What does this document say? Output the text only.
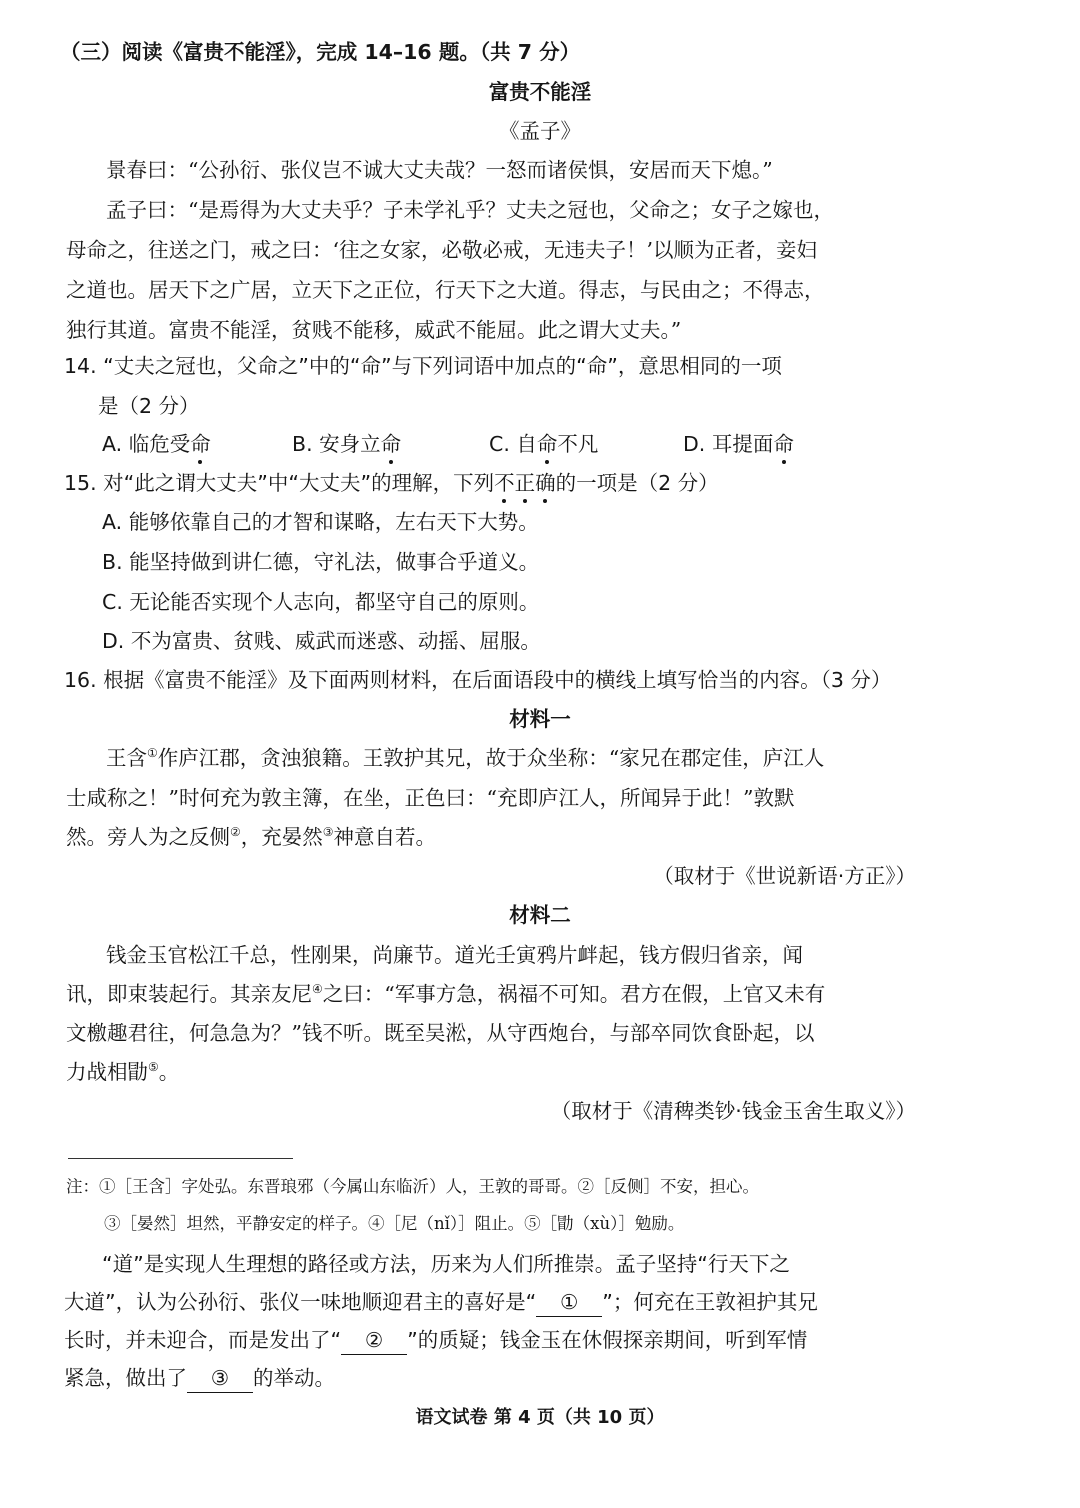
（三）阅读《富贵不能淫》，完成 14–16 题。（共 7 分）
富贵不能淫
《孟子》
景春曰：“公孙衍、张仪岂不诚大丈夫哉？一怒而诸侯惧，安居而天下熄。”
孟子曰：“是焉得为大丈夫乎？子未学礼乎？丈夫之冠也，父命之；女子之嫁也，
母命之，往送之门，戒之曰：‘往之女家，必敬必戒，无违夫子！’以顺为正者，妾妇
之道也。居天下之广居，立天下之正位，行天下之大道。得志，与民由之；不得志，
独行其道。富贵不能淫，贫贱不能移，威武不能屈。此之谓大丈夫。”
14. “丈夫之冠也，父命之”中的“命”与下列词语中加点的“命”，意思相同的一项
是（2 分）
A. 临危受命	B. 安身立命	C. 自命不凡	D. 耳提面命
15. 对“此之谓大丈夫”中“大丈夫”的理解，下列不正确的一项是（2 分）
A. 能够依靠自己的才智和谋略，左右天下大势。
B. 能坚持做到讲仁德，守礼法，做事合乎道义。
C. 无论能否实现个人志向，都坚守自己的原则。
D. 不为富贵、贫贱、威武而迷惑、动摇、屈服。
16. 根据《富贵不能淫》及下面两则材料，在后面语段中的横线上填写恰当的内容。（3 分）
材料一
王含①作庐江郡，贪浊狼籍。王敦护其兄，故于众坐称：“家兄在郡定佳，庐江人
士咸称之！”时何充为敦主簿，在坐，正色曰：“充即庐江人，所闻异于此！”敦默
然。旁人为之反侧②，充晏然③神意自若。
（取材于《世说新语·方正》）
材料二
钱金玉官松江千总，性刚果，尚廉节。道光壬寅鸦片衅起，钱方假归省亲，闻
讯，即束装起行。其亲友尼④之曰：“军事方急，祸福不可知。君方在假，上官又未有
文檄趣君往，何急急为？”钱不听。既至吴淞，从守西炮台，与部卒同饮食卧起，以
力战相勖⑤。
（取材于《清稗类钞·钱金玉舍生取义》）
注：①［王含］字处弘。东晋琅邪（今属山东临沂）人，王敦的哥哥。②［反侧］不安，担心。
③［晏然］坦然，平静安定的样子。④［尼（nǐ）］阻止。⑤［勖（xù）］勉励。
“道”是实现人生理想的路径或方法，历来为人们所推崇。孟子坚持“行天下之
大道”，认为公孙衍、张仪一味地顺迎君主的喜好是“ ① ”；何充在王敦袒护其兄
长时，并未迎合，而是发出了“ ② ”的质疑；钱金玉在休假探亲期间，听到军情
紧急，做出了 ③ 的举动。
语文试卷 第 4 页（共 10 页）
